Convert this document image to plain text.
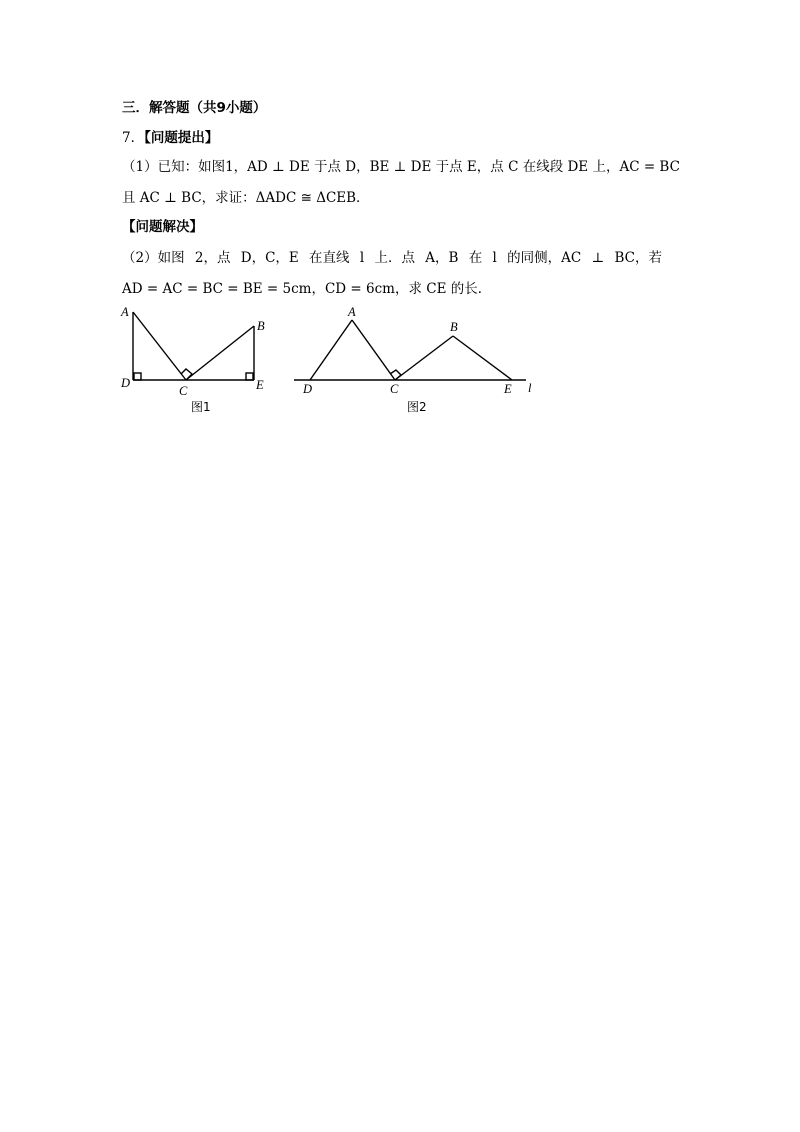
三．解答题（共9小题）
7．【问题提出】
（1）已知：如图1，AD ⊥ DE 于点 D，BE ⊥ DE 于点 E，点 C 在线段 DE 上，AC = BC
且 AC ⊥ BC，求证：ΔADC ≅ ΔCEB．
【问题解决】
（2）如图 2，点 D，C，E 在直线 l 上．点 A，B 在 l 的同侧，AC ⊥ BC，若
AD = AC = BC = BE = 5cm，CD = 6cm，求 CE 的长．
A
B
C
D	E
图1
A
B
C
D	E l
图2
